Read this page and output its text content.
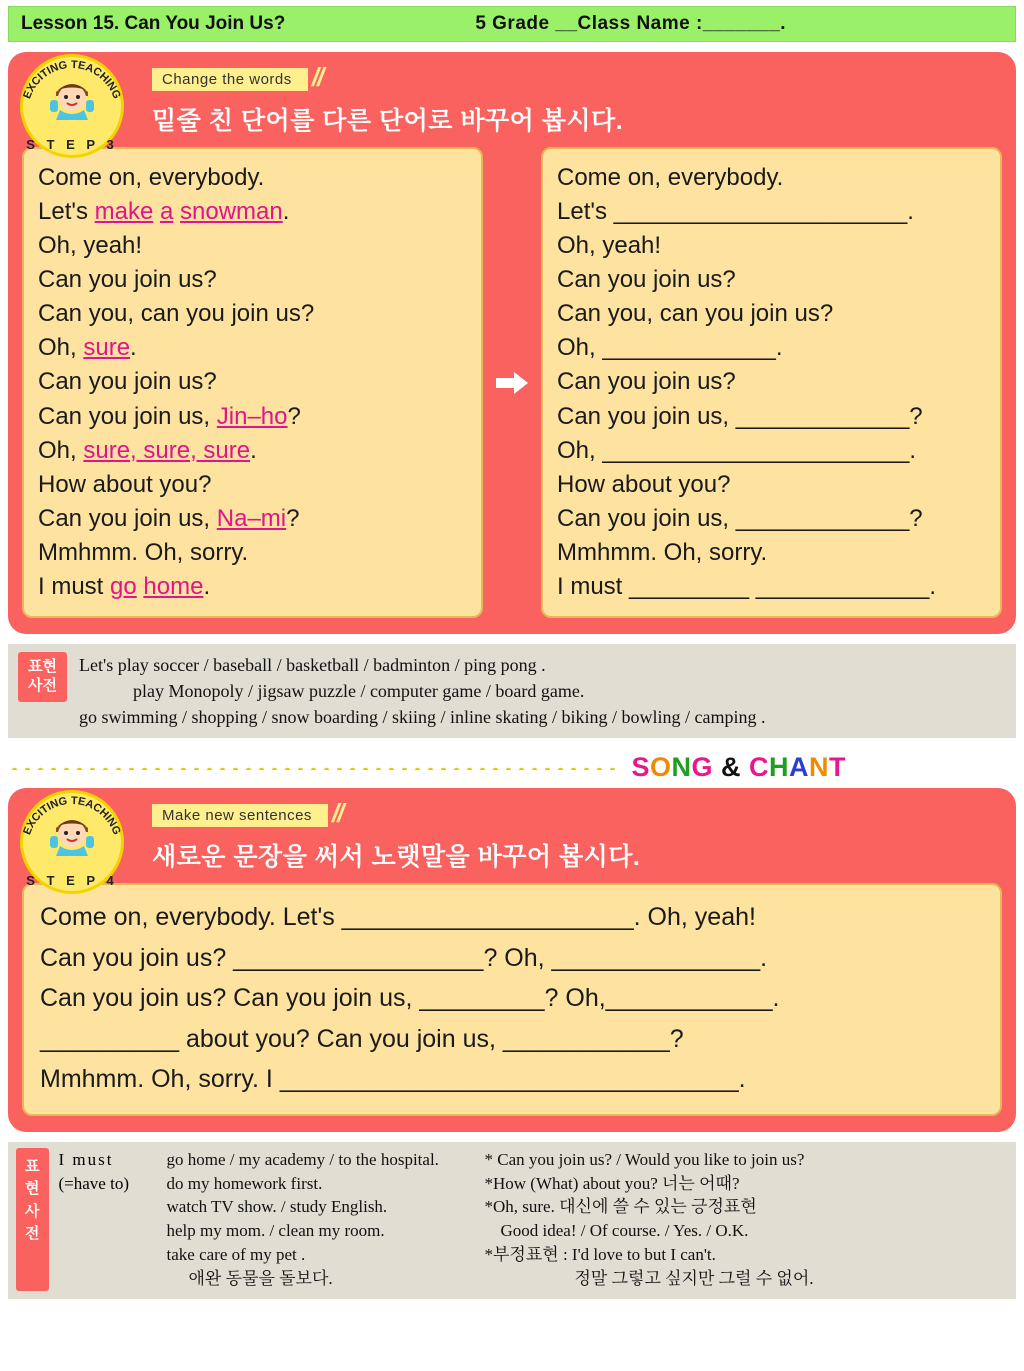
Lesson 15. Can You Join Us?	5 Grade __Class Name :_______.
EXCITING TEACHING
S T E P 3
Change the words //
밑줄 친 단어를 다른 단어로 바꾸어 봅시다.
Come on, everybody.
Let's make a snowman.
Oh, yeah!
Can you join us?
Can you, can you join us?
Oh, sure.
Can you join us?
Can you join us, Jin–ho?
Oh, sure, sure, sure.
How about you?
Can you join us, Na–mi?
Mmhmm. Oh, sorry.
I must go home.
Come on, everybody.
Let's ______________________.
Oh, yeah!
Can you join us?
Can you, can you join us?
Oh, _____________.
Can you join us?
Can you join us, _____________?
Oh, _______________________.
How about you?
Can you join us, _____________?
Mmhmm. Oh, sorry.
I must _________ _____________.
표현
사전
Let's play soccer / baseball / basketball / badminton / ping pong .
play Monopoly / jigsaw puzzle / computer game / board game.
go swimming / shopping / snow boarding / skiing / inline skating / biking / bowling / camping .
SONG & CHANT
EXCITING TEACHING
S T E P 4
Make new sentences //
새로운 문장을 써서 노랫말을 바꾸어 봅시다.
Come on, everybody. Let's _____________________. Oh, yeah!
Can you join us? __________________? Oh, _______________.
Can you join us? Can you join us, _________? Oh,____________.
__________ about you? Can you join us, ____________?
Mmhmm. Oh, sorry. I _________________________________.
표
현
사
전
I must
(=have to)
go home / my academy / to the hospital.
do my homework first.
watch TV show. / study English.
help my mom. / clean my room.
take care of my pet .
애완 동물을 돌보다.
* Can you join us? / Would you like to join us?
*How (What) about you? 너는 어때?
*Oh, sure. 대신에 쓸 수 있는 긍정표현
Good idea! / Of course. / Yes. / O.K.
*부정표현 : I'd love to but I can't.
정말 그렇고 싶지만 그럴 수 없어.
